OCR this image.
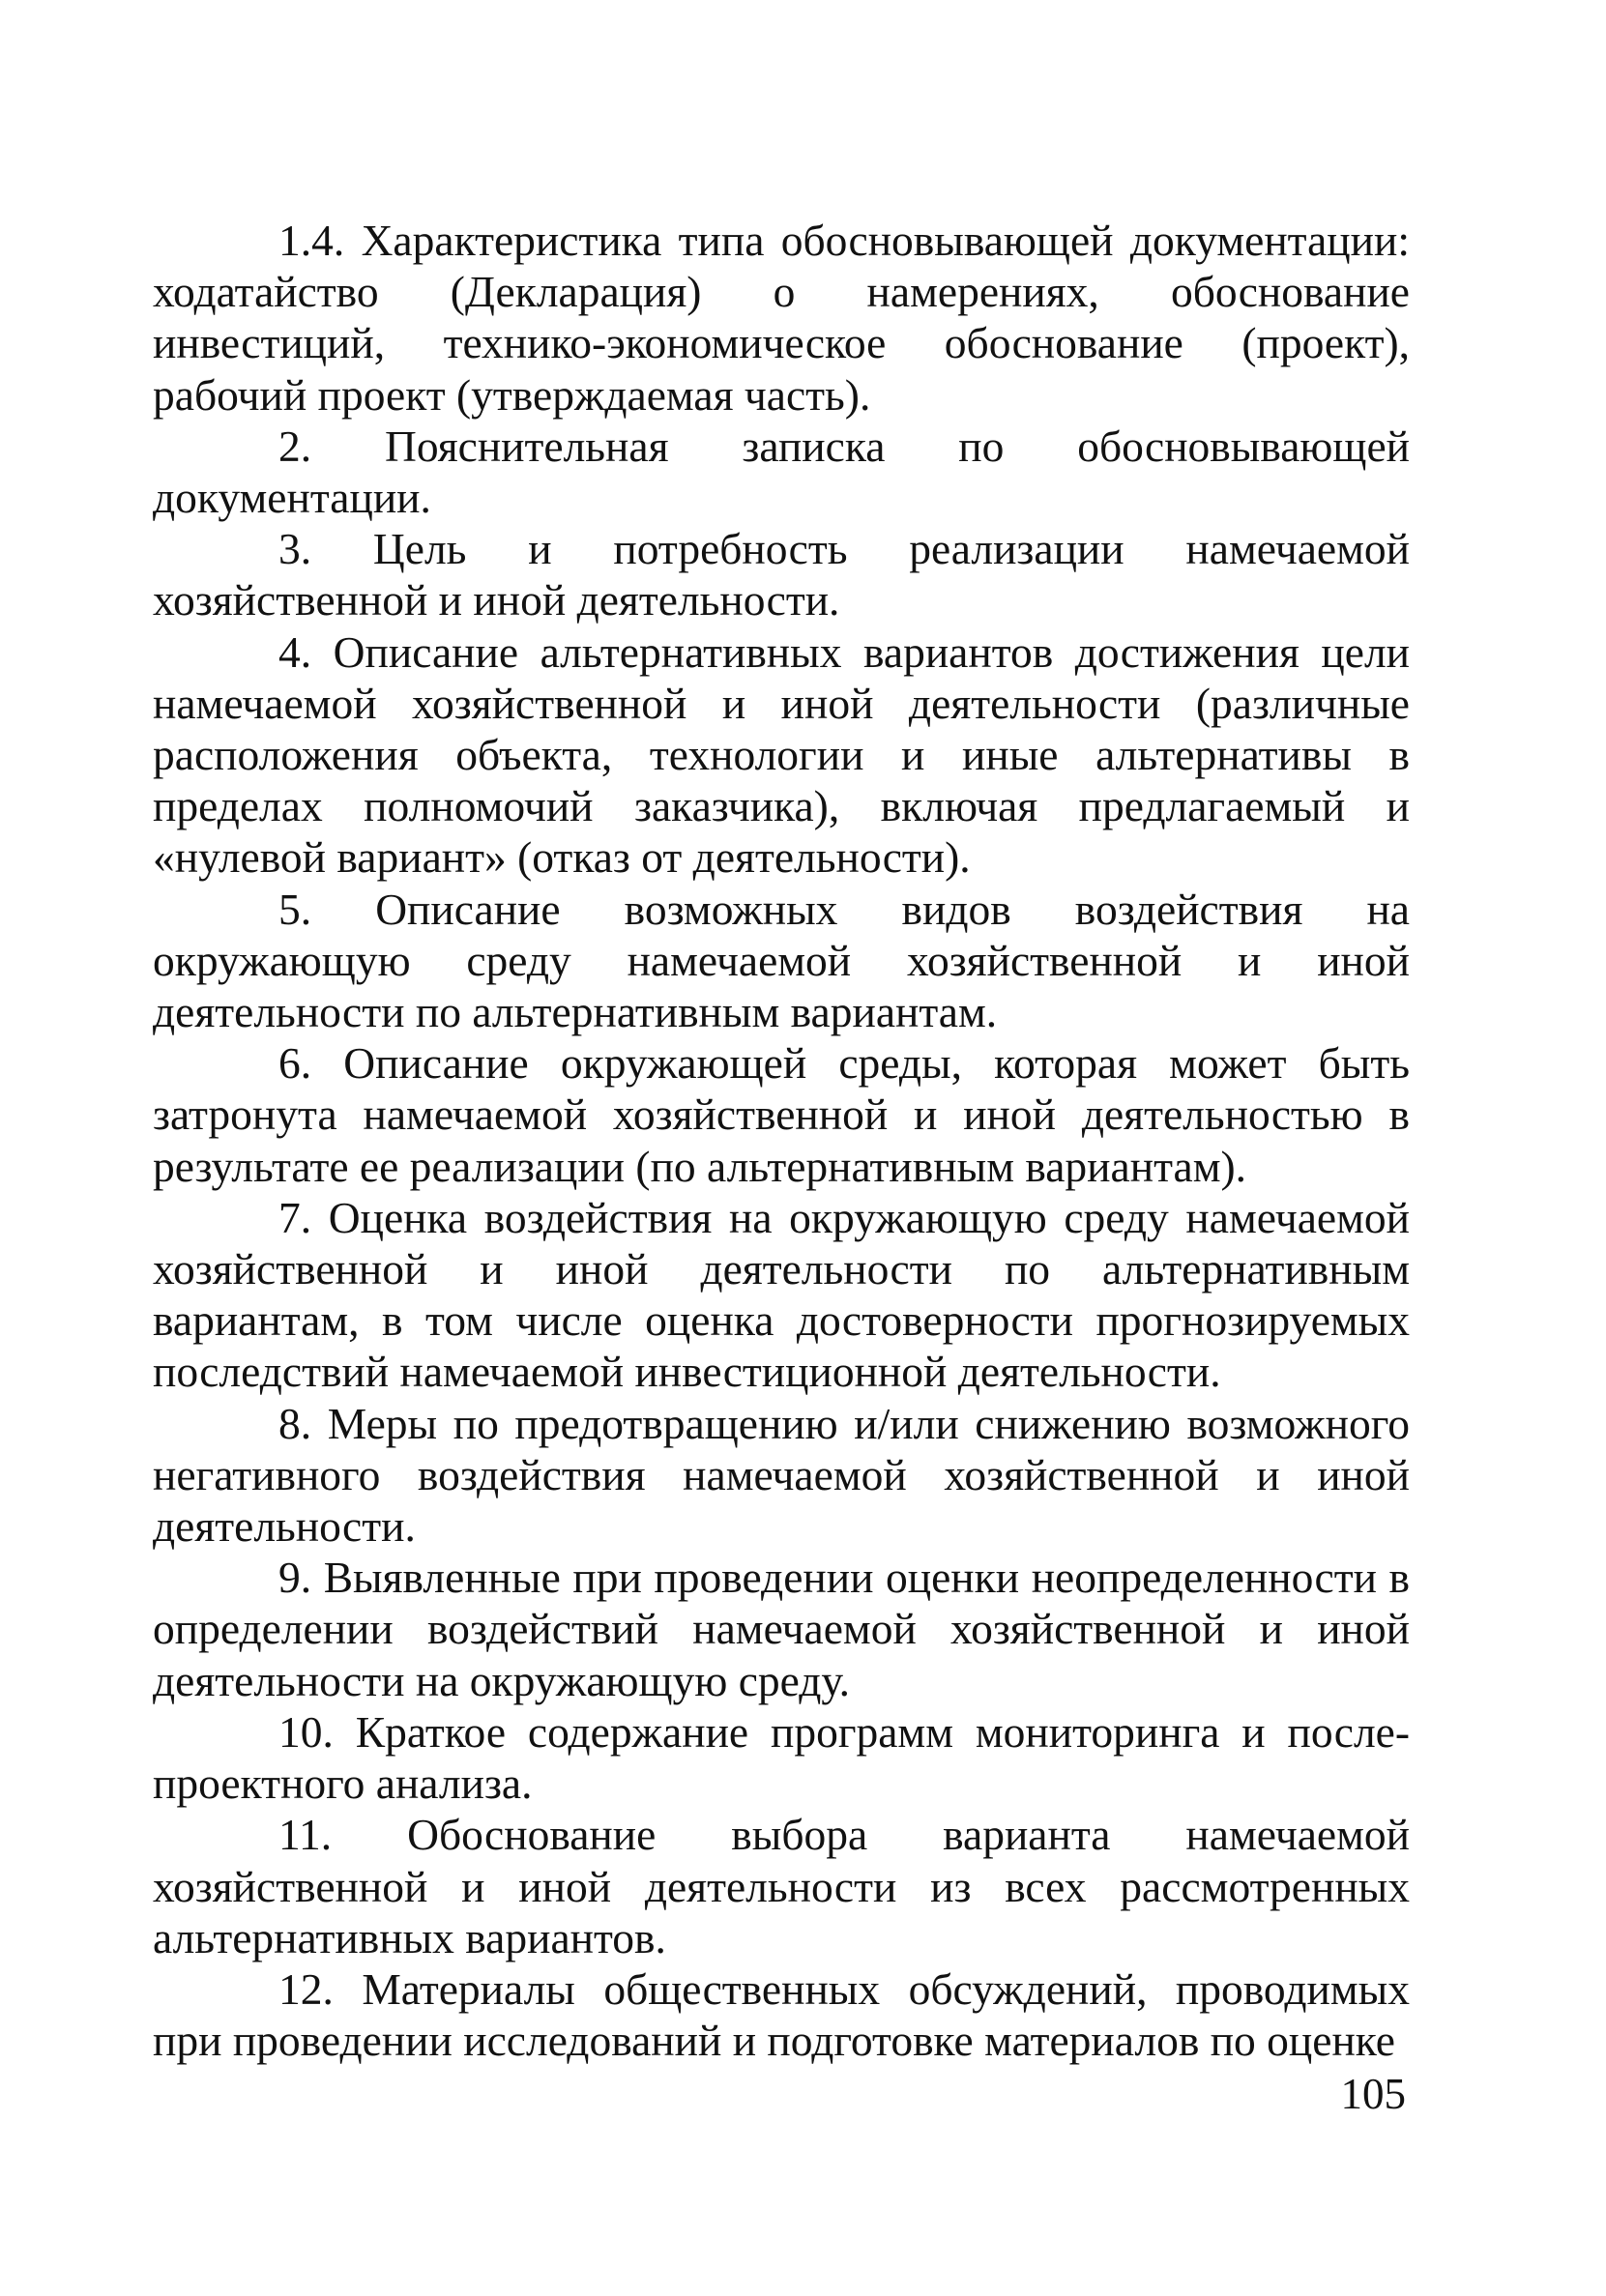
1.4. Характеристика типа обосновывающей документации: ходатайство (Декларация) о намерениях, обоснование инвестиций, технико-экономическое обоснование (проект), рабочий проект (утверждаемая часть).

2. Пояснительная записка по обосновывающей документации.

3. Цель и потребность реализации намечаемой хозяйственной и иной деятельности.

4. Описание альтернативных вариантов достижения цели намечаемой хозяйственной и иной деятельности (различные расположения объекта, технологии и иные альтернативы в пределах полномочий заказчика), включая предлагаемый и «нулевой вариант» (отказ от деятельности).

5. Описание возможных видов воздействия на окружающую среду намечаемой хозяйственной и иной деятельности по альтернативным вариантам.

6. Описание окружающей среды, которая может быть затронута намечаемой хозяйственной и иной деятельностью в результате ее реализации (по альтернативным вариантам).

7. Оценка воздействия на окружающую среду намечаемой хозяйственной и иной деятельности по альтернативным вариантам, в том числе оценка достоверности прогнозируемых последствий намечаемой инвестиционной деятельности.

8. Меры по предотвращению и/или снижению возможного негативного воздействия намечаемой хозяйственной и иной деятельности.

9. Выявленные при проведении оценки неопределенности в определении воздействий намечаемой хозяйственной и иной деятельности на окружающую среду.

10. Краткое содержание программ мониторинга и после-проектного анализа.

11. Обоснование выбора варианта намечаемой хозяйственной и иной деятельности из всех рассмотренных альтернативных вариантов.

12. Материалы общественных обсуждений, проводимых при проведении исследований и подготовке материалов по оценке

105
